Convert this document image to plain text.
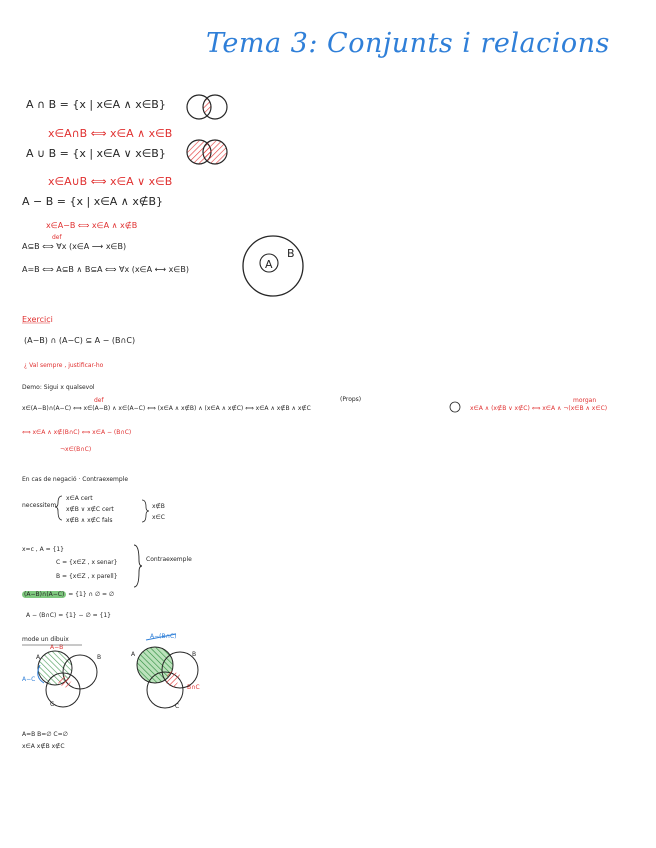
Tema 3: Conjunts i relacions
A ∩ B = {x | x∈A ∧ x∈B}
x∈A∩B ⟺ x∈A ∧ x∈B
A ∪ B = {x | x∈A ∨ x∈B}
x∈A∪B ⟺ x∈A ∨ x∈B
A − B = {x | x∈A ∧ x∉B}
x∈A−B ⟺ x∈A ∧ x∉B
def
A⊆B ⟺ ∀x (x∈A ⟶ x∈B)
A=B ⟺ A⊆B ∧ B⊆A ⟺ ∀x (x∈A ⟷ x∈B)	A
B
Exercici
(A−B) ∩ (A−C) ⊆ A − (B∩C)
¿ Val sempre , justificar-ho
Demo: Sigui x qualsevol
(Props)
def	morgan
x∈(A−B)∩(A−C) ⟺ x∈(A−B) ∧ x∈(A−C) ⟺ (x∈A ∧ x∉B) ∧ (x∈A ∧ x∉C) ⟺ x∈A ∧ x∉B ∧ x∉C	x∈A ∧ (x∉B ∨ x∉C) ⟺ x∈A ∧ ¬(x∈B ∧ x∈C)
⟺ x∈A ∧ x∉(B∩C) ⟺ x∈A − (B∩C)
¬x∈(B∩C)
En cas de negació · Contraexemple
necessitem
x∈A cert
x∉B ∨ x∉C cert
x∉B ∧ x∉C fals
x∉B
x∈C
x=c , A = {1}
C = {x∈Z , x senar}
B = {x∈Z , x parell}
Contraexemple
(A−B)∩(A−C) = {1} ∩ ∅ = ∅
A − (B∩C) = {1} − ∅ = {1}
mode un dibuix
A	B
C
A−B
A−C
A	B
C
A−(B∩C)
B∩C
A=B B=∅ C=∅
x∈A x∉B x∉C
